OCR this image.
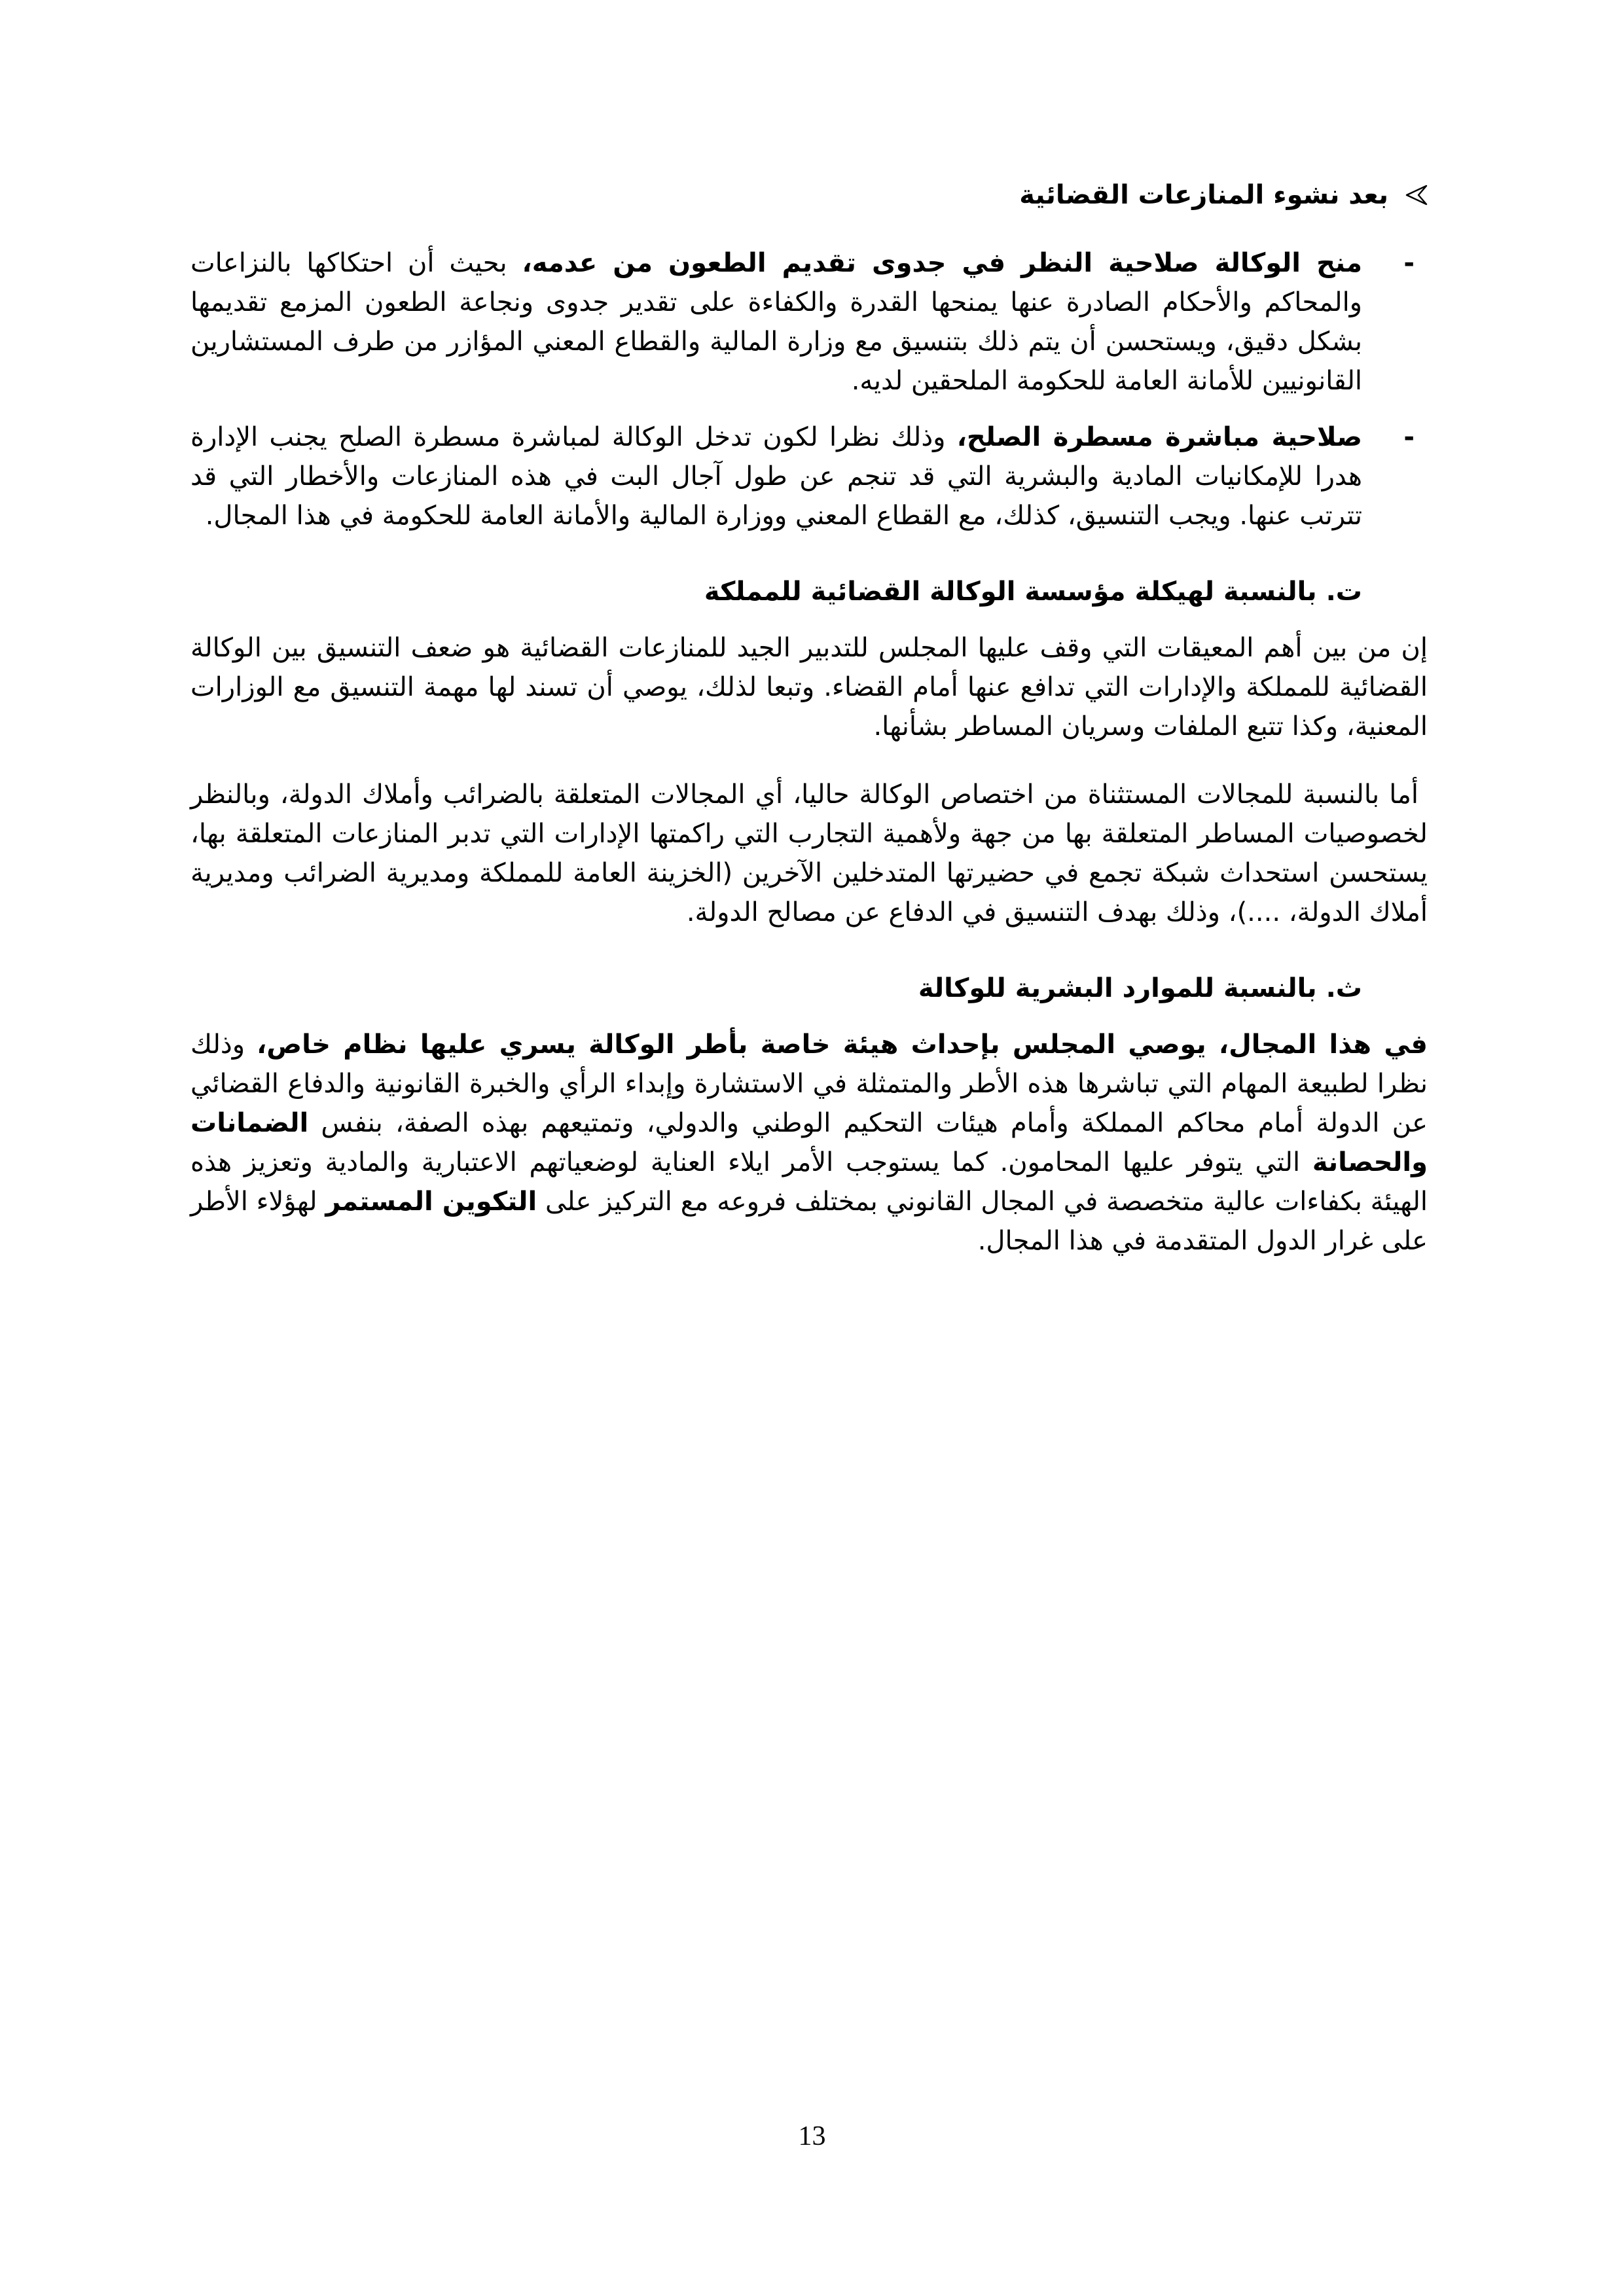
بعد نشوء المنازعات القضائية
-
منح الوكالة صلاحية النظر في جدوى تقديم الطعون من عدمه، بحيث أن احتكاكها بالنزاعات والمحاكم والأحكام الصادرة عنها يمنحها القدرة والكفاءة على تقدير جدوى ونجاعة الطعون المزمع تقديمها بشكل دقيق، ويستحسن أن يتم ذلك بتنسيق مع وزارة المالية والقطاع المعني المؤازر من طرف المستشارين القانونيين للأمانة العامة للحكومة الملحقين لديه.
-
صلاحية مباشرة مسطرة الصلح، وذلك نظرا لكون تدخل الوكالة لمباشرة مسطرة الصلح يجنب الإدارة هدرا للإمكانيات المادية والبشرية التي قد تنجم عن طول آجال البت في هذه المنازعات والأخطار التي قد تترتب عنها. ويجب التنسيق، كذلك، مع القطاع المعني ووزارة المالية والأمانة العامة للحكومة في هذا المجال.
ت. بالنسبة لهيكلة مؤسسة الوكالة القضائية للمملكة

إن من بين أهم المعيقات التي وقف عليها المجلس للتدبير الجيد للمنازعات القضائية هو ضعف التنسيق بين الوكالة القضائية للمملكة والإدارات التي تدافع عنها أمام القضاء. وتبعا لذلك، يوصي أن تسند لها مهمة التنسيق مع الوزارات المعنية، وكذا تتبع الملفات وسريان المساطر بشأنها.

أما بالنسبة للمجالات المستثناة من اختصاص الوكالة حاليا، أي المجالات المتعلقة بالضرائب وأملاك الدولة، وبالنظر لخصوصيات المساطر المتعلقة بها من جهة ولأهمية التجارب التي راكمتها الإدارات التي تدبر المنازعات المتعلقة بها، يستحسن استحداث شبكة تجمع في حضيرتها المتدخلين الآخرين (الخزينة العامة للمملكة ومديرية الضرائب ومديرية أملاك الدولة، ....)، وذلك بهدف التنسيق في الدفاع عن مصالح الدولة.

ث. بالنسبة للموارد البشرية للوكالة

في هذا المجال، يوصي المجلس بإحداث هيئة خاصة بأطر الوكالة يسري عليها نظام خاص، وذلك نظرا لطبيعة المهام التي تباشرها هذه الأطر والمتمثلة في الاستشارة وإبداء الرأي والخبرة القانونية والدفاع القضائي عن الدولة أمام محاكم المملكة وأمام هيئات التحكيم الوطني والدولي، وتمتيعهم بهذه الصفة، بنفس الضمانات والحصانة التي يتوفر عليها المحامون. كما يستوجب الأمر ايلاء العناية لوضعياتهم الاعتبارية والمادية وتعزيز هذه الهيئة بكفاءات عالية متخصصة في المجال القانوني بمختلف فروعه مع التركيز على التكوين المستمر لهؤلاء الأطر على غرار الدول المتقدمة في هذا المجال.

13
